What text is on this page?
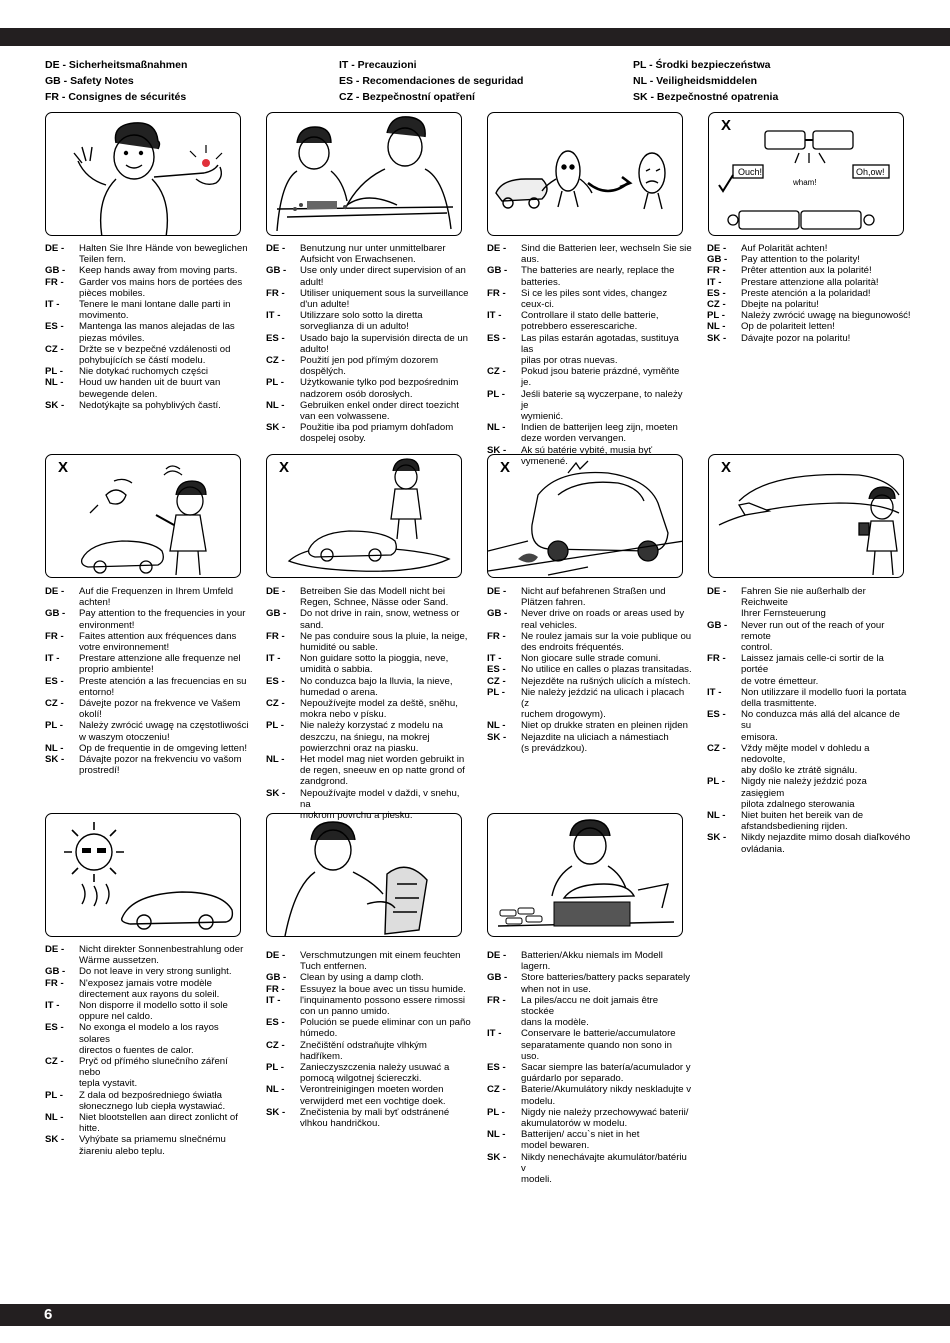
DE - Sicherheitsmaßnahmen
GB - Safety Notes
FR - Consignes de sécurités
IT - Precauzioni
ES - Recomendaciones de seguridad
CZ - Bezpečnostní opatření
PL - Środki bezpieczeństwa
NL - Veiligheidsmiddelen
SK - Bezpečnostné opatrenia
X
Ouch!
wham!
Oh,ow!
X	X	X	X
DE -	Halten Sie Ihre Hände von beweglichen
Teilen fern.
GB -	Keep hands away from moving parts.
FR -	Garder vos mains hors de portées des
pièces mobiles.
IT -	Tenere le mani lontane dalle parti in
movimento.
ES -	Mantenga las manos alejadas de las
piezas móviles.
CZ -	Držte se v bezpečné vzdálenosti od
pohybujících se částí modelu.
PL -	Nie dotykać ruchomych części
NL -	Houd uw handen uit de buurt van
bewegende delen.
SK -	Nedotýkajte sa pohyblivých častí.
DE -	Benutzung nur unter unmittelbarer
Aufsicht von Erwachsenen.
GB -	Use only under direct supervision of an
adult!
FR -	Utiliser uniquement sous la surveillance
d'un adulte!
IT -	Utilizzare solo sotto la diretta
sorveglianza di un adulto!
ES -	Usado bajo la supervisión directa de un
adulto!
CZ -	Použití jen pod přímým dozorem
dospělých.
PL -	Użytkowanie tylko pod bezpośrednim
nadzorem osób dorosłych.
NL -	Gebruiken enkel onder direct toezicht
van een volwassene.
SK -	Použitie iba pod priamym dohľadom
dospelej osoby.
DE -	Sind die Batterien leer, wechseln Sie sie
aus.
GB -	The batteries are nearly, replace the
batteries.
FR -	Si ce les piles sont vides, changez
ceux-ci.
IT -	Controllare il stato delle batterie,
potrebbero esserescariche.
ES -	Las pilas estarán agotadas, sustituya las
pilas por otras nuevas.
CZ -	Pokud jsou baterie prázdné, vyměňte je.
PL -	Jeśli baterie są wyczerpane, to należy je
wymienić.
NL -	Indien de batterijen leeg zijn, moeten
deze worden vervangen.
SK -	Ak sú batérie vybité, musia byť
vymenené.
DE -	Auf Polarität achten!
GB -	Pay attention to the polarity!
FR -	Prêter attention aux la polarité!
IT -	Prestare attenzione alla polarità!
ES -	Preste atención a la polaridad!
CZ -	Dbejte na polaritu!
PL -	Należy zwrócić uwagę na biegunowość!
NL -	Op de polariteit letten!
SK -	Dávajte pozor na polaritu!
DE -	Auf die Frequenzen in Ihrem Umfeld
achten!
GB -	Pay attention to the frequencies in your
environment!
FR -	Faites attention aux fréquences dans
votre environnement!
IT -	Prestare attenzione alle frequenze nel
proprio ambiente!
ES -	Preste atención a las frecuencias en su
entorno!
CZ -	Dávejte pozor na frekvence ve Vašem
okolí!
PL -	Należy zwrócić uwagę na częstotliwości
w waszym otoczeniu!
NL -	Op de frequentie in de omgeving letten!
SK -	Dávajte pozor na frekvenciu vo vašom
prostredí!
DE -	Betreiben Sie das Modell nicht bei
Regen, Schnee, Nässe oder Sand.
GB -	Do not drive in rain, snow, wetness or
sand.
FR -	Ne pas conduire sous la pluie, la neige,
humidité ou sable.
IT -	Non guidare sotto la pioggia, neve,
umidità o sabbia.
ES -	No conduzca bajo la lluvia, la nieve,
humedad o arena.
CZ -	Nepoužívejte model za deště, sněhu,
mokra nebo v písku.
PL -	Nie należy korzystać z modelu na
deszczu, na śniegu, na mokrej
powierzchni oraz na piasku.
NL -	Het model mag niet worden gebruikt in
de regen, sneeuw en op natte grond of
zandgrond.
SK -	Nepoužívajte model v daždi, v snehu, na
mokrom povrchu a piesku.
DE -	Nicht auf befahrenen Straßen und
Plätzen fahren.
GB -	Never drive on roads or areas used by
real vehicles.
FR -	Ne roulez jamais sur la voie publique ou
des endroits fréquentés.
IT -	Non giocare sulle strade comuni.
ES -	No utilice en calles o plazas transitadas.
CZ -	Nejezděte na rušných ulicích a místech.
PL -	Nie należy jeździć na ulicach i placach (z
ruchem drogowym).
NL -	Niet op drukke straten en pleinen rijden
SK -	Nejazdite na uliciach a námestiach
(s prevádzkou).
DE -	Fahren Sie nie außerhalb der Reichweite
Ihrer Fernsteuerung
GB -	Never run out of the reach of your remote
control.
FR -	Laissez jamais celle-ci sortir de la portée
de votre émetteur.
IT -	Non utilizzare il modello fuori la portata
della trasmittente.
ES -	No conduzca más allá del alcance de su
emisora.
CZ -	Vždy mějte model v dohledu a nedovolte,
aby došlo ke ztrátě signálu.
PL -	Nigdy nie należy jeździć poza zasięgiem
pilota zdalnego sterowania
NL -	Niet buiten het bereik van de
afstandsbediening rijden.
SK -	Nikdy nejazdite mimo dosah diaľkového
ovládania.
DE -	Nicht direkter Sonnenbestrahlung oder
Wärme aussetzen.
GB -	Do not leave in very strong sunlight.
FR -	N'exposez jamais votre modèle
directement aux rayons du soleil.
IT -	Non disporre il modello sotto il sole
oppure nel caldo.
ES -	No exonga el modelo a los rayos solares
directos o fuentes de calor.
CZ -	Pryč od přímého slunečního záření nebo
tepla vystavit.
PL -	Z dala od bezpośredniego światła
słonecznego lub ciepła wystawiać.
NL -	Niet blootstellen aan direct zonlicht of
hitte.
SK -	Vyhýbate sa priamemu slnečnému
žiareniu alebo teplu.
DE -	Verschmutzungen mit einem feuchten
Tuch entfernen.
GB -	Clean by using a damp cloth.
FR -	Essuyez la boue avec un tissu humide.
IT -	l'inquinamento possono essere rimossi
con un panno umido.
ES -	Polución se puede eliminar con un paño
húmedo.
CZ -	Znečištění odstraňujte vlhkým hadříkem.
PL -	Zanieczyszczenia należy usuwać a
pomocą wilgotnej ściereczki.
NL -	Verontreinigingen moeten worden
verwijderd met een vochtige doek.
SK -	Znečistenia by mali byť odstránené
vlhkou handričkou.
DE -	Batterien/Akku niemals im Modell lagern.
GB -	Store batteries/battery packs separately
when not in use.
FR -	La piles/accu ne doit jamais être stockée
dans la modèle.
IT -	Conservare le batterie/accumulatore
separatamente quando non sono in uso.
ES -	Sacar siempre las batería/acumulador y
guárdarlo por separado.
CZ -	Baterie/Akumulátory nikdy neskladujte v
modelu.
PL -	Nigdy nie należy przechowywać baterii/
akumulatorów w modelu.
NL -	Batterijen/ accu`s niet in het
model bewaren.
SK -	Nikdy nenechávajte akumulátor/batériu v
modeli.
6
